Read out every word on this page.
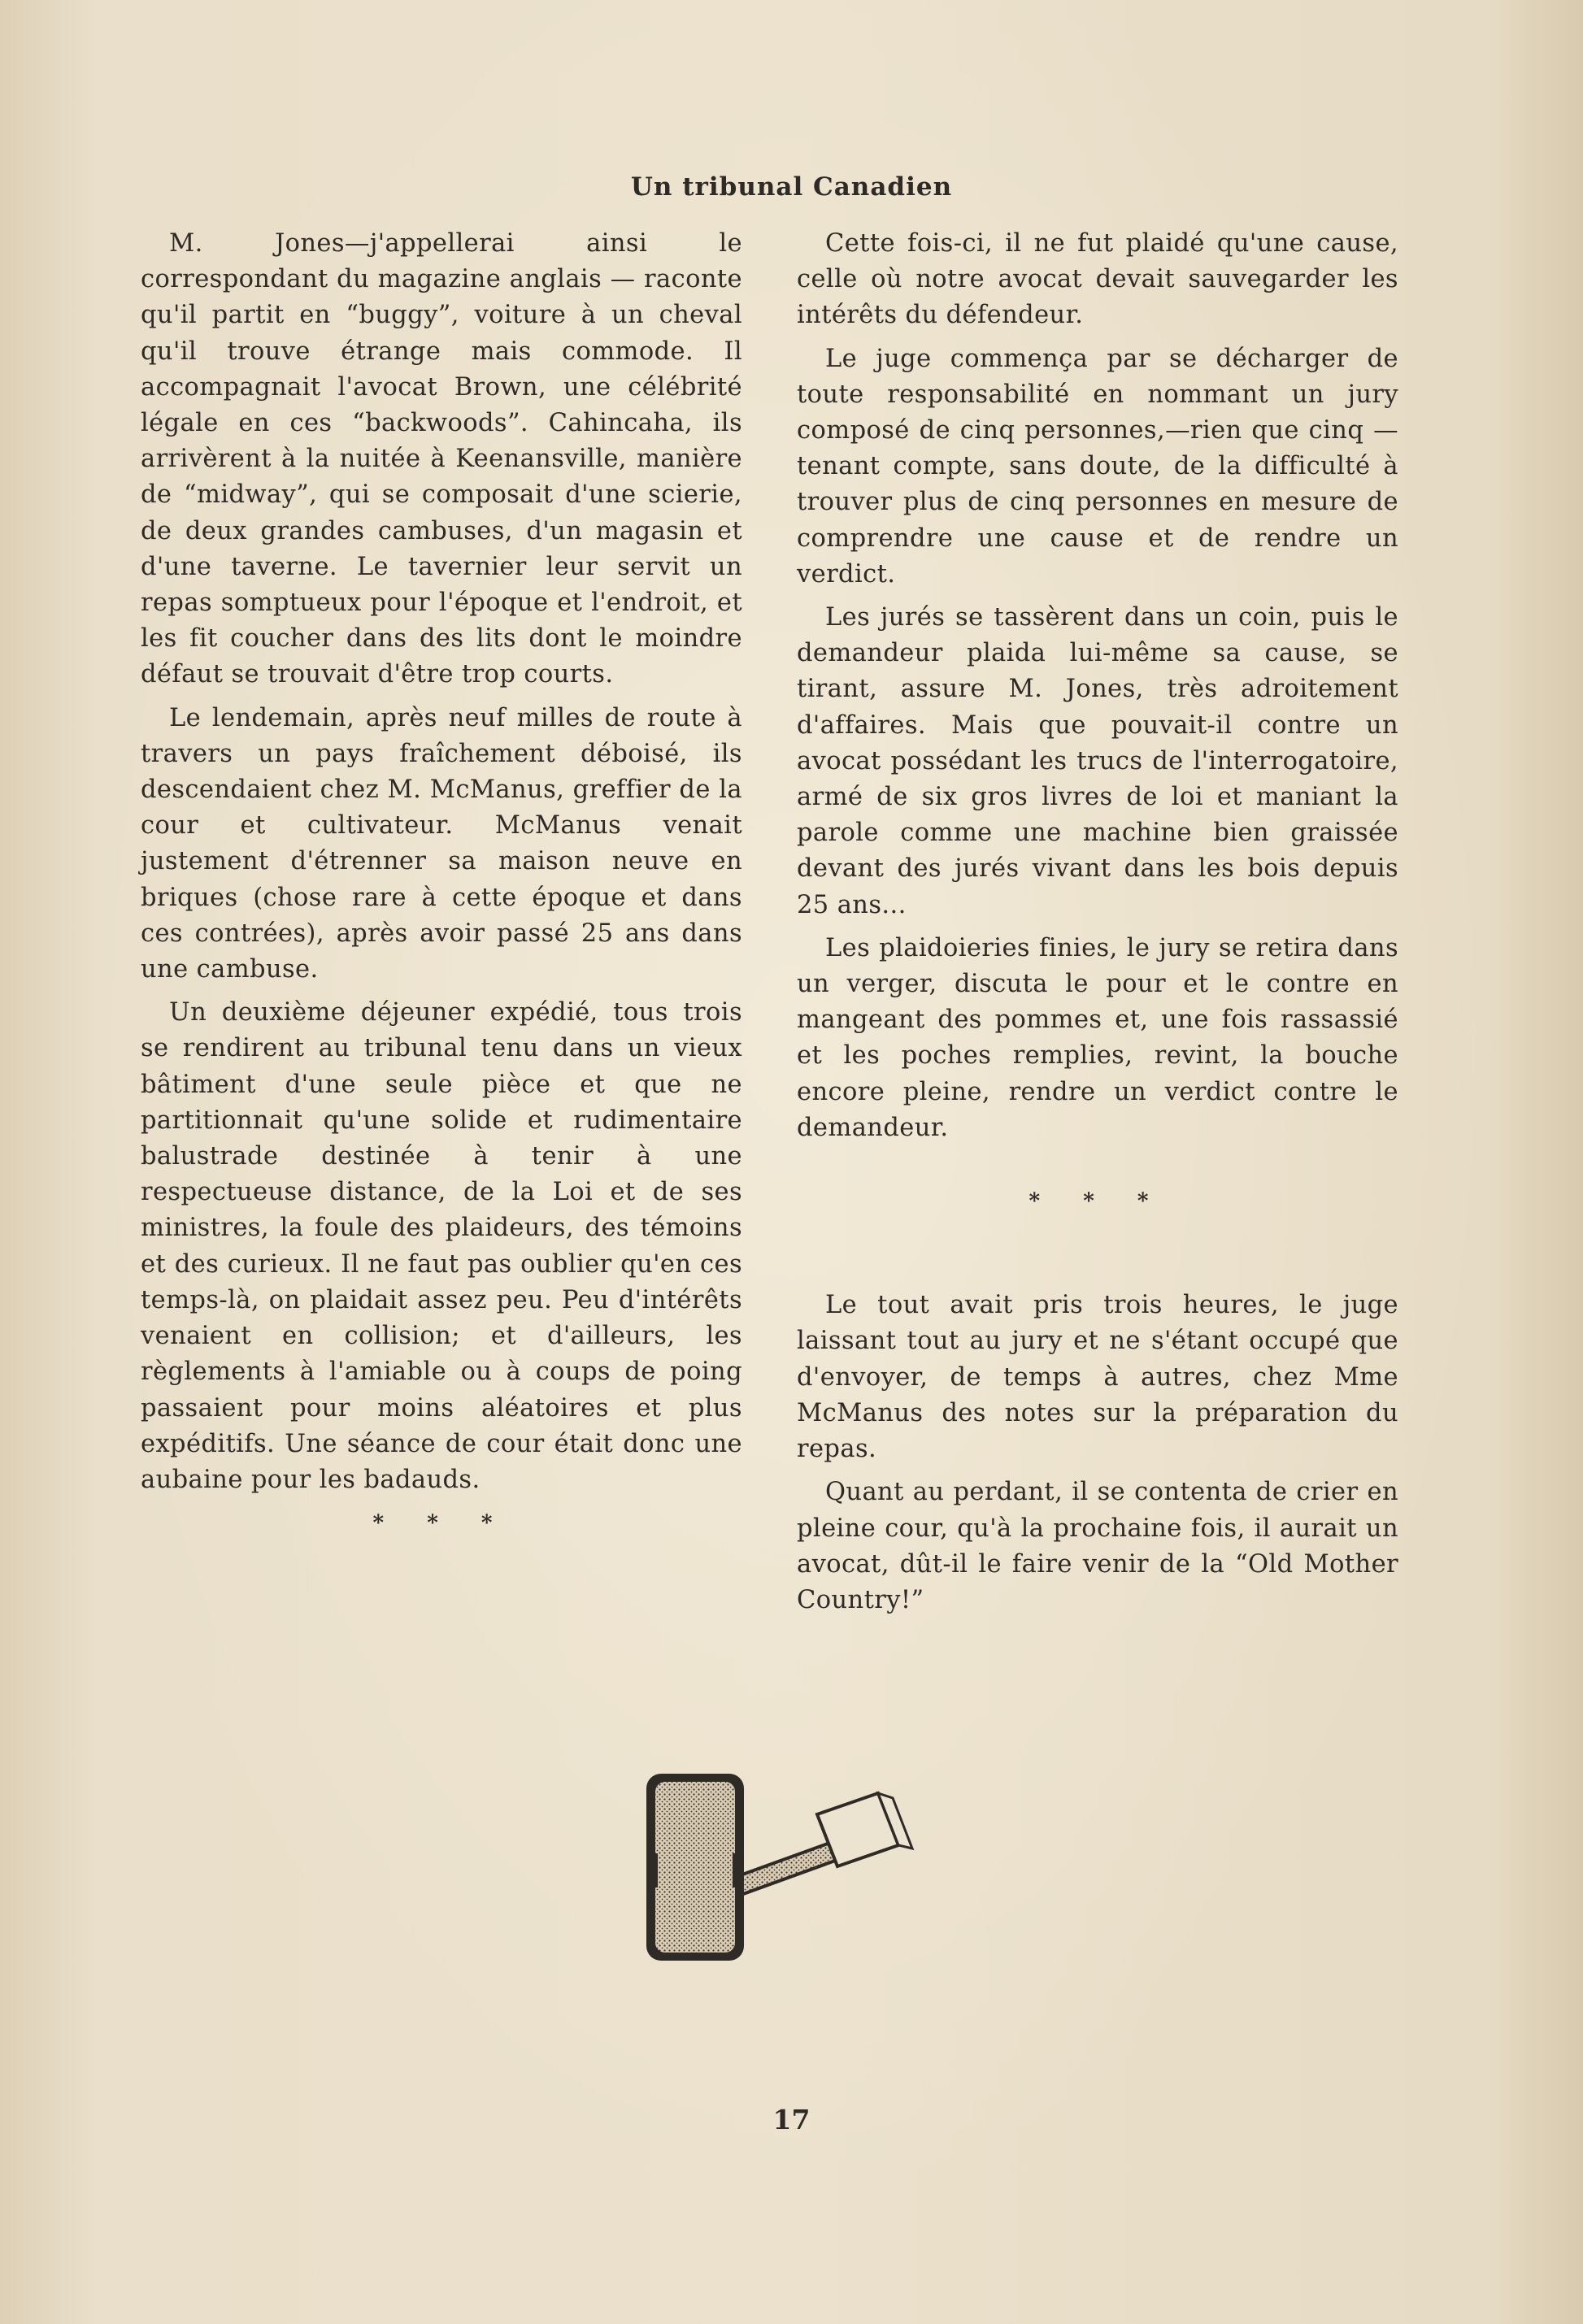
Un tribunal Canadien

M. Jones—j'appellerai ainsi le correspondant du magazine anglais — raconte qu'il partit en “buggy”, voiture à un cheval qu'il trouve étrange mais commode. Il accompagnait l'avocat Brown, une célébrité légale en ces “backwoods”. Cahincaha, ils arrivèrent à la nuitée à Keenansville, manière de “midway”, qui se composait d'une scierie, de deux grandes cambuses, d'un magasin et d'une taverne. Le tavernier leur servit un repas somptueux pour l'époque et l'endroit, et les fit coucher dans des lits dont le moindre défaut se trouvait d'être trop courts.

Le lendemain, après neuf milles de route à travers un pays fraîchement déboisé, ils descendaient chez M. McManus, greffier de la cour et cultivateur. McManus venait justement d'étrenner sa maison neuve en briques (chose rare à cette époque et dans ces contrées), après avoir passé 25 ans dans une cambuse.

Un deuxième déjeuner expédié, tous trois se rendirent au tribunal tenu dans un vieux bâtiment d'une seule pièce et que ne partitionnait qu'une solide et rudimentaire balustrade destinée à tenir à une respectueuse distance, de la Loi et de ses ministres, la foule des plaideurs, des témoins et des curieux. Il ne faut pas oublier qu'en ces temps-là, on plaidait assez peu. Peu d'intérêts venaient en collision; et d'ailleurs, les règlements à l'amiable ou à coups de poing passaient pour moins aléatoires et plus expéditifs. Une séance de cour était donc une aubaine pour les badauds.

* * *

Cette fois-ci, il ne fut plaidé qu'une cause, celle où notre avocat devait sauvegarder les intérêts du défendeur.

Le juge commença par se décharger de toute responsabilité en nommant un jury composé de cinq personnes,—rien que cinq —tenant compte, sans doute, de la difficulté à trouver plus de cinq personnes en mesure de comprendre une cause et de rendre un verdict.

Les jurés se tassèrent dans un coin, puis le demandeur plaida lui-même sa cause, se tirant, assure M. Jones, très adroitement d'affaires. Mais que pouvait-il contre un avocat possédant les trucs de l'interrogatoire, armé de six gros livres de loi et maniant la parole comme une machine bien graissée devant des jurés vivant dans les bois depuis 25 ans...

Les plaidoieries finies, le jury se retira dans un verger, discuta le pour et le contre en mangeant des pommes et, une fois rassassié et les poches remplies, revint, la bouche encore pleine, rendre un verdict contre le demandeur.

* * *

Le tout avait pris trois heures, le juge laissant tout au jury et ne s'étant occupé que d'envoyer, de temps à autres, chez Mme McManus des notes sur la préparation du repas.

Quant au perdant, il se contenta de crier en pleine cour, qu'à la prochaine fois, il aurait un avocat, dût-il le faire venir de la “Old Mother Country!”

17
